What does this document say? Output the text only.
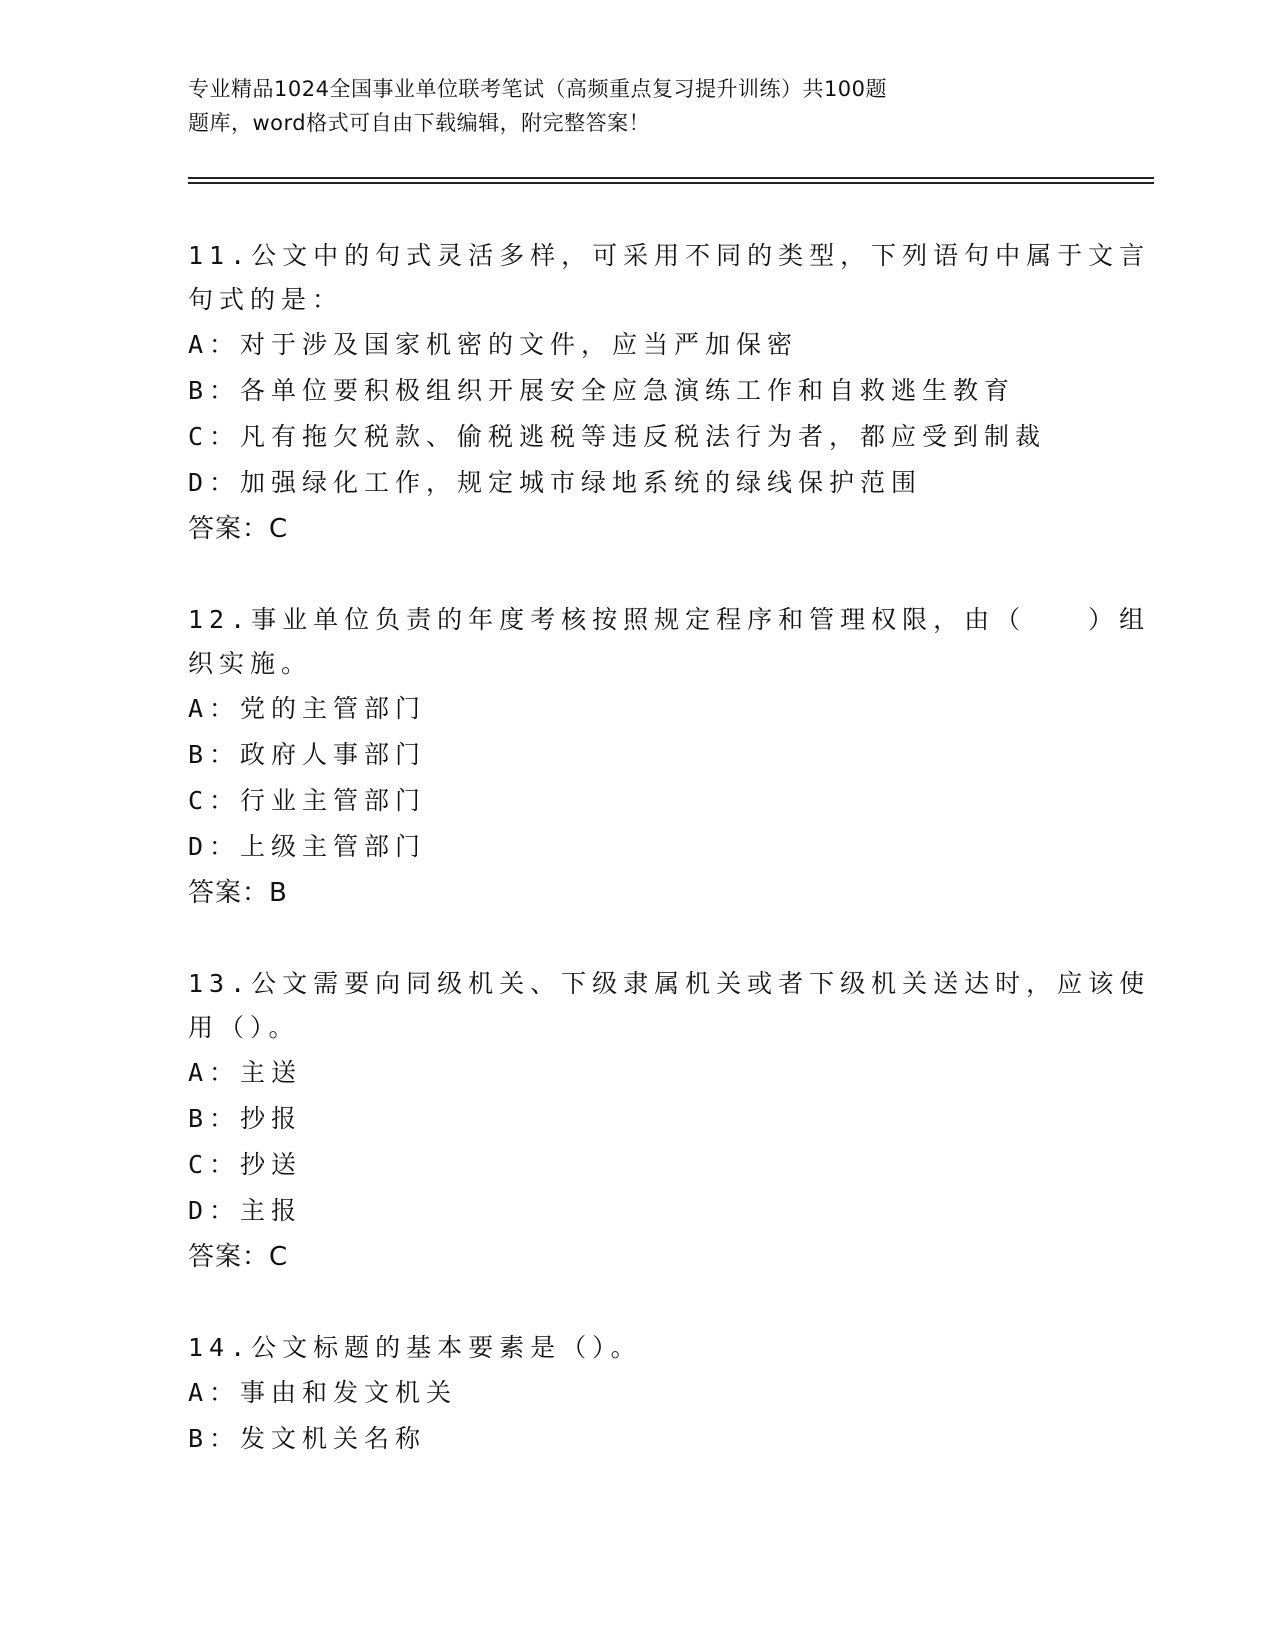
专业精品1024全国事业单位联考笔试（高频重点复习提升训练）共100题
题库，word格式可自由下载编辑，附完整答案！
11.公文中的句式灵活多样，可采用不同的类型，下列语句中属于文言
句式的是：
A：对于涉及国家机密的文件，应当严加保密
B：各单位要积极组织开展安全应急演练工作和自救逃生教育
C：凡有拖欠税款、偷税逃税等违反税法行为者，都应受到制裁
D：加强绿化工作，规定城市绿地系统的绿线保护范围
答案：C
12.事业单位负责的年度考核按照规定程序和管理权限，由（　　）组
织实施。
A：党的主管部门
B：政府人事部门
C：行业主管部门
D：上级主管部门
答案：B
13.公文需要向同级机关、下级隶属机关或者下级机关送达时，应该使
用（）。
A：主送
B：抄报
C：抄送
D：主报
答案：C
14.公文标题的基本要素是（）。
A：事由和发文机关
B：发文机关名称
